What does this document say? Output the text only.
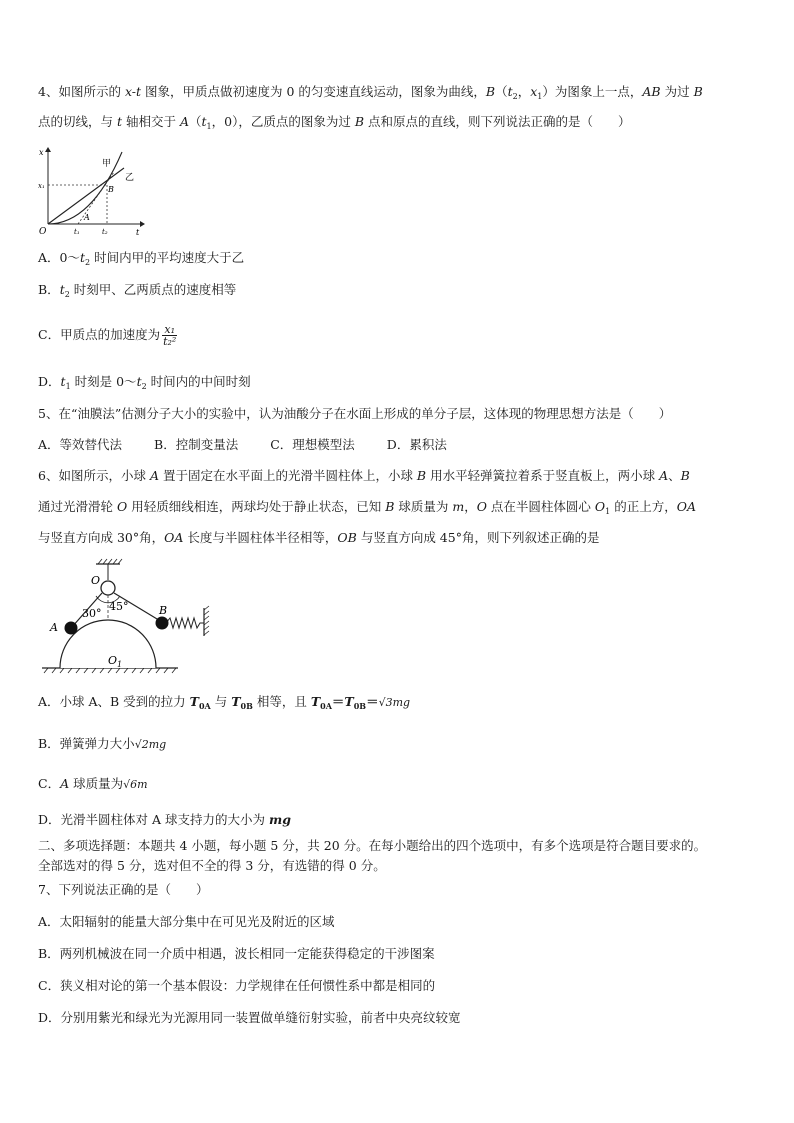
4、如图所示的 x-t 图象，甲质点做初速度为 0 的匀变速直线运动，图象为曲线，$B(t_2$，$x_1$）为图象上一点，AB 为过 B
点的切线，与 t 轴相交于 $A(t_1$，0），乙质点的图象为过 B 点和原点的直线，则下列说法正确的是（　　）
x
t
O
x₁
t₁	t₂
甲
乙
B
A
A．$0\sim t_2$ 时间内甲的平均速度大于乙
B．$t_2$ 时刻甲、乙两质点的速度相等
C．甲质点的加速度为 $\frac{\text{x₁}}{\text{t₂²}}$
D．$t_1$ 时刻是 $0\sim t_2$ 时间内的中间时刻
5、在“油膜法”估测分子大小的实验中，认为油酸分子在水面上形成的单分子层，这体现的物理思想方法是（　　）
A．等效替代法	B．控制变量法	C．理想模型法	D．累积法
6、如图所示，小球 A 置于固定在水平面上的光滑半圆柱体上，小球 B 用水平轻弹簧拉着系于竖直板上，两小球 A、B
通过光滑滑轮 O 用轻质细线相连，两球均处于静止状态，已知 B 球质量为 m，O 点在半圆柱体圆心 $O_1$ 的正上方，OA
与竖直方向成 30°角，OA 长度与半圆柱体半径相等，OB 与竖直方向成 45°角，则下列叙述正确的是
O
A
B
30°
45°
$O_1$
A．小球 A、B 受到的拉力 $T_{0A}$ 与 $T_{0B}$ 相等，且 $T_{0A}=T_{0B}=√3mg$
B．弹簧弹力大小√2mg
C．A 球质量为√6m
D．光滑半圆柱体对 A 球支持力的大小为 mg
二、多项选择题：本题共 4 小题，每小题 5 分，共 20 分。在每小题给出的四个选项中，有多个选项是符合题目要求的。
全部选对的得 5 分，选对但不全的得 3 分，有选错的得 0 分。
7、下列说法正确的是（　　）
A．太阳辐射的能量大部分集中在可见光及附近的区域
B．两列机械波在同一介质中相遇，波长相同一定能获得稳定的干涉图案
C．狭义相对论的第一个基本假设：力学规律在任何惯性系中都是相同的
D．分别用紫光和绿光为光源用同一装置做单缝衍射实验，前者中央亮纹较宽
